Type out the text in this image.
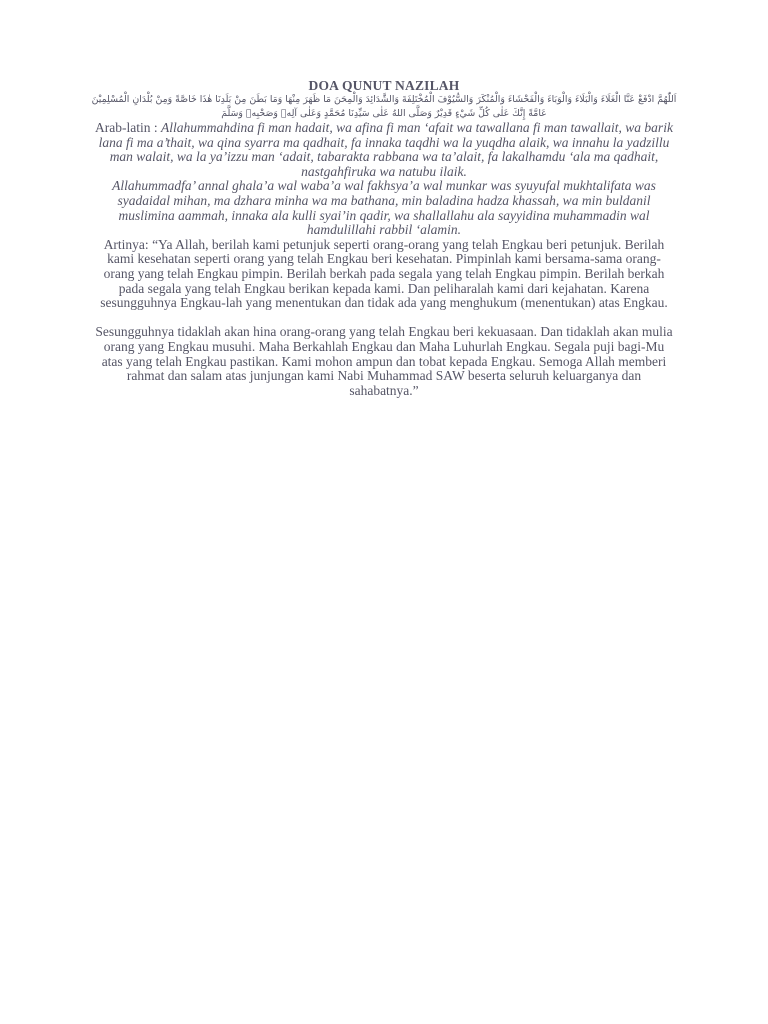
DOA QUNUT NAZILAH

اَللّٰهُمَّ ادْفَعْ عَنَّا الْغَلَاءَ وَالْبَلَاءَ وَالْوَبَاءَ وَالْفَحْشَاءَ وَالْمُنْكَرَ وَالسُّيُوْفَ الْمُخْتَلِفَةَ وَالشَّدَائِدَ وَالْمِحَنَ مَا ظَهَرَ مِنْهَا وَمَا بَطَنَ مِنْ بَلَدِنَا هٰذَا خَاصَّةً وَمِنْ بُلْدَانِ الْمُسْلِمِيْنَ عَامَّةً إِنَّكَ عَلٰى كُلِّ شَيْءٍ قَدِيْرٌ وَصَلَّى اللهُ عَلٰى سَيِّدِنَا مُحَمَّدٍ وَعَلٰى آلِهٖ وَصَحْبِهٖ وَسَلَّمَ

Arab-latin : Allahummahdina fi man hadait, wa afina fi man ‘afait wa tawallana fi man tawallait, wa barik lana fi ma a’thait, wa qina syarra ma qadhait, fa innaka taqdhi wa la yuqdha alaik, wa innahu la yadzillu man walait, wa la ya’izzu man ‘adait, tabarakta rabbana wa ta’alait, fa lakalhamdu ‘ala ma qadhait, nastgahfiruka wa natubu ilaik.

Allahummadfa’ annal ghala’a wal waba’a wal fakhsya’a wal munkar was syuyufal mukhtalifata was syadaidal mihan, ma dzhara minha wa ma bathana, min baladina hadza khassah, wa min buldanil muslimina aammah, innaka ala kulli syai’in qadir, wa shallallahu ala sayyidina muhammadin wal hamdulillahi rabbil ‘alamin.

Artinya: “Ya Allah, berilah kami petunjuk seperti orang-orang yang telah Engkau beri petunjuk. Berilah kami kesehatan seperti orang yang telah Engkau beri kesehatan. Pimpinlah kami bersama-sama orang-orang yang telah Engkau pimpin. Berilah berkah pada segala yang telah Engkau pimpin. Berilah berkah pada segala yang telah Engkau berikan kepada kami. Dan peliharalah kami dari kejahatan. Karena sesungguhnya Engkau-lah yang menentukan dan tidak ada yang menghukum (menentukan) atas Engkau.

Sesungguhnya tidaklah akan hina orang-orang yang telah Engkau beri kekuasaan. Dan tidaklah akan mulia orang yang Engkau musuhi. Maha Berkahlah Engkau dan Maha Luhurlah Engkau. Segala puji bagi-Mu atas yang telah Engkau pastikan. Kami mohon ampun dan tobat kepada Engkau. Semoga Allah memberi rahmat dan salam atas junjungan kami Nabi Muhammad SAW beserta seluruh keluarganya dan sahabatnya.”
